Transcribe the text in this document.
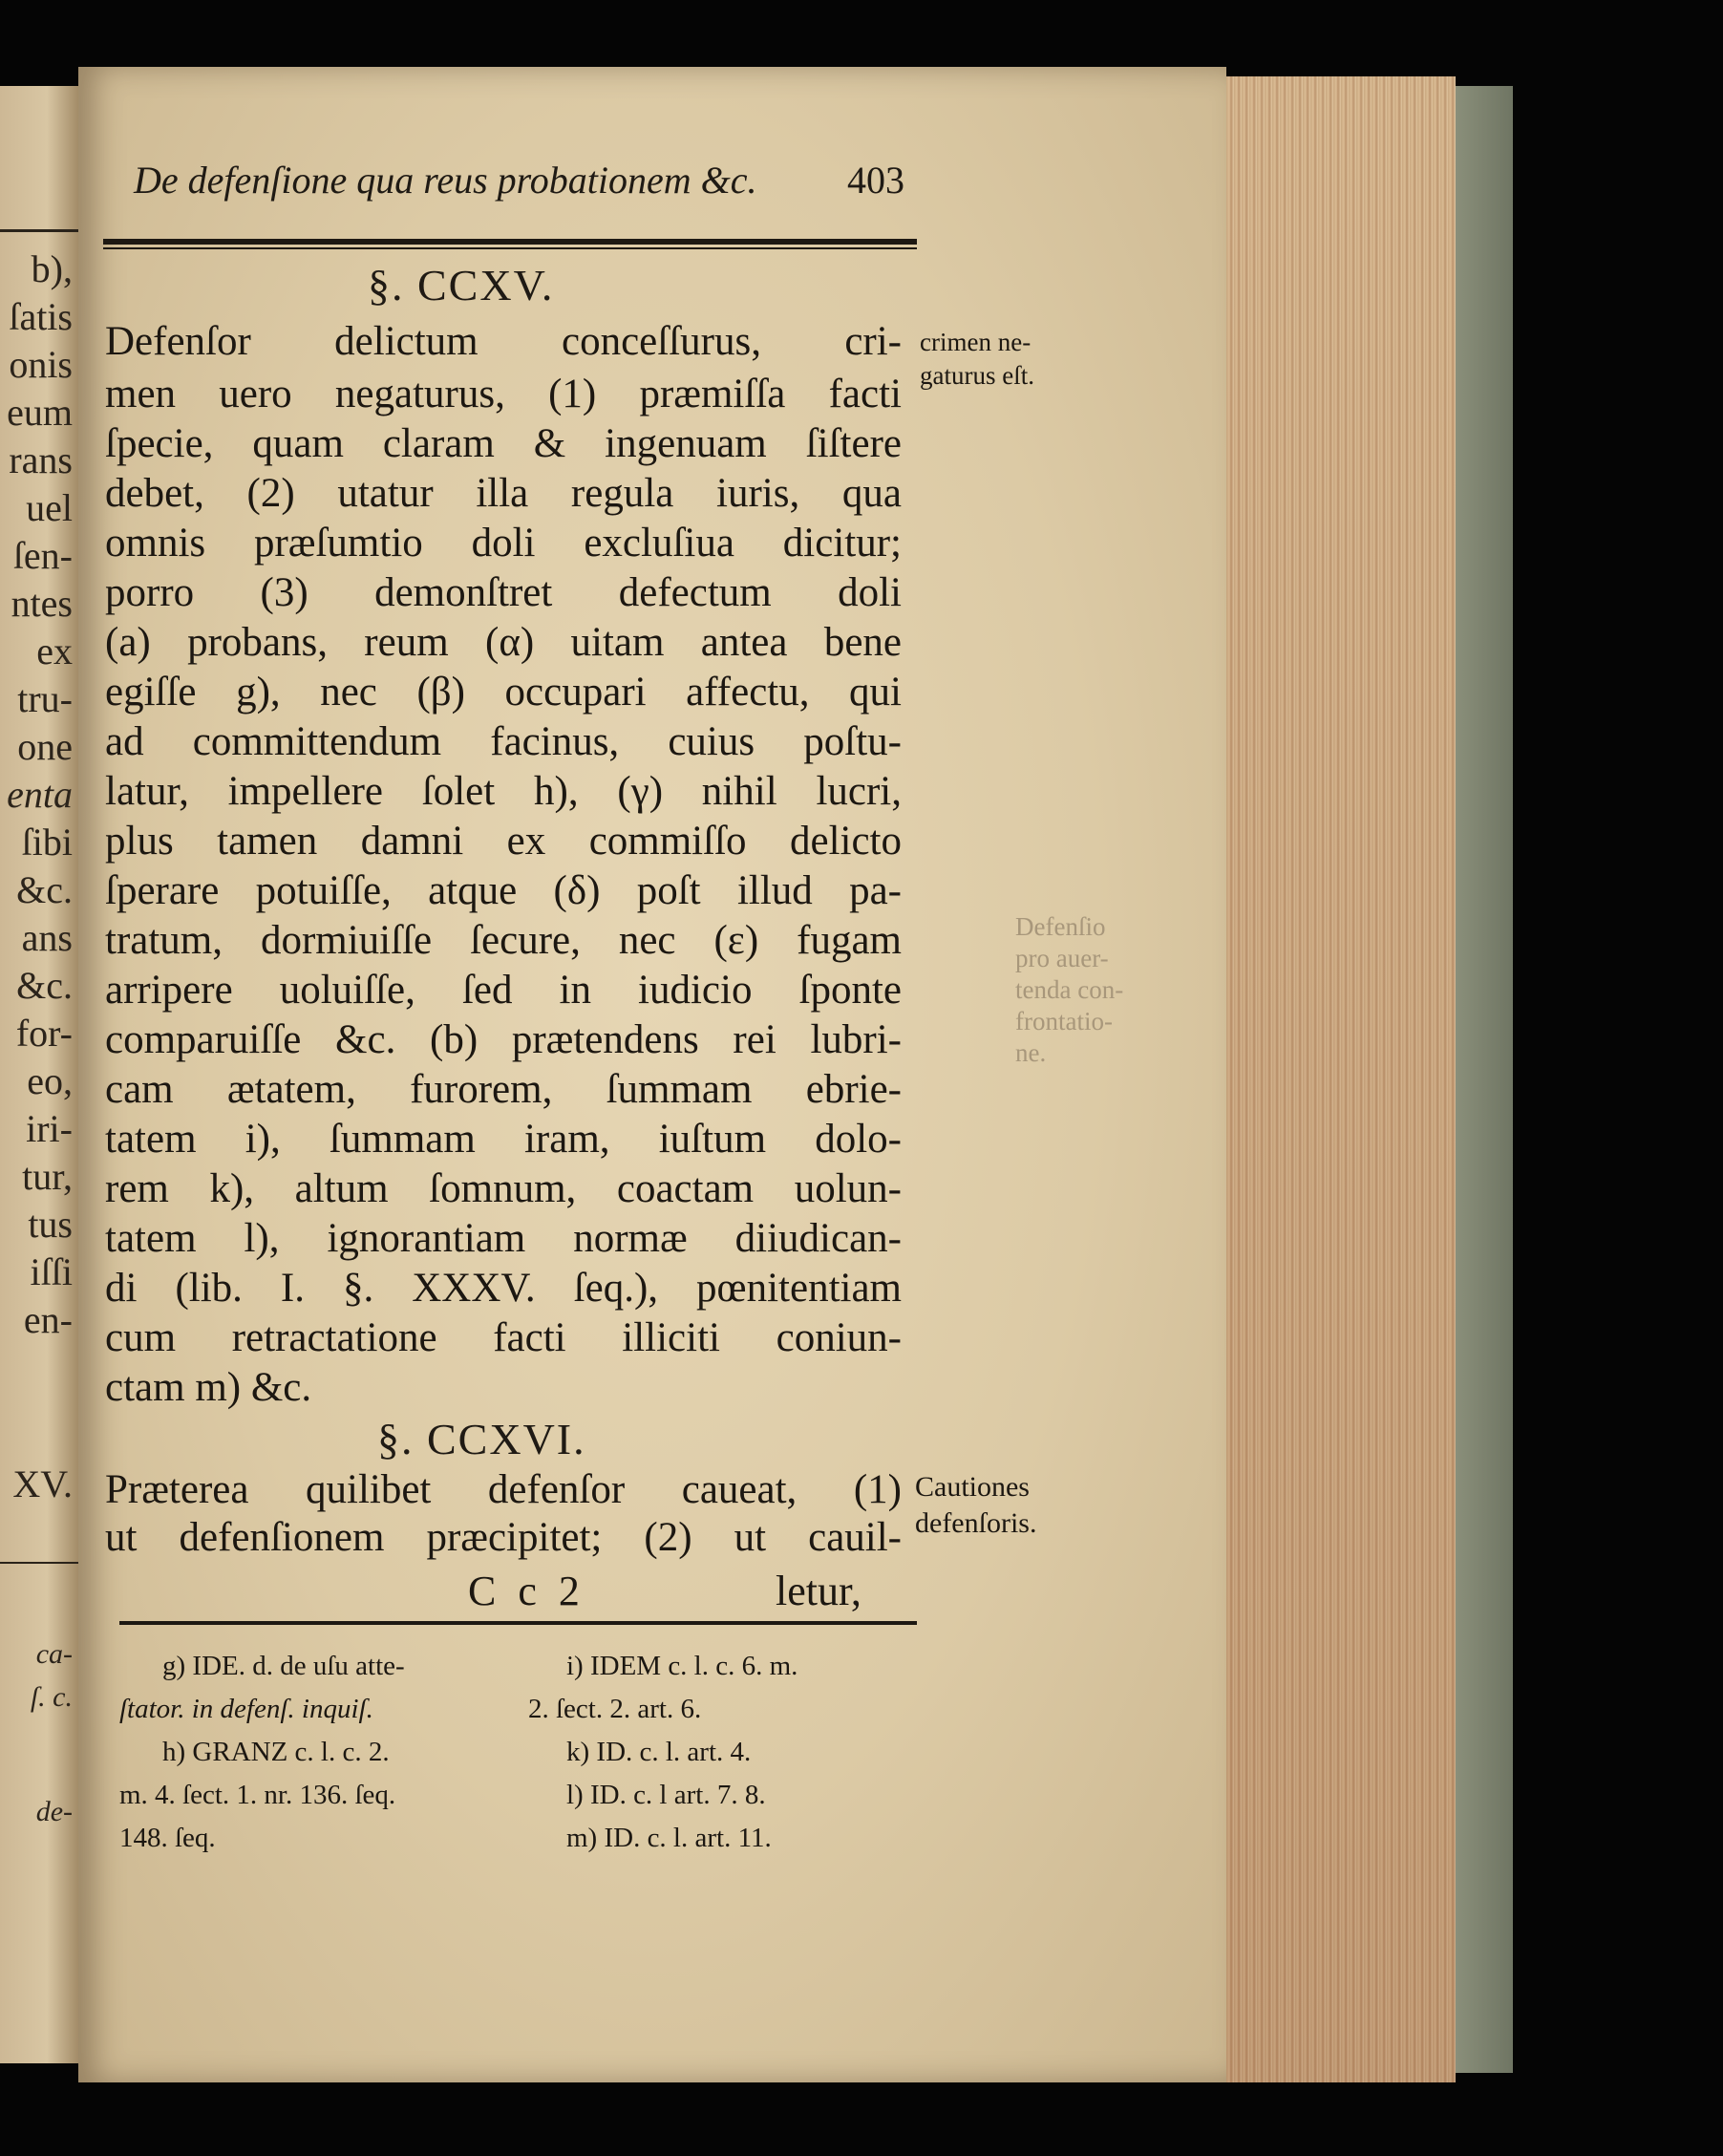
b),
ſatis
onis
eum
rans
uel
ſen-
ntes
ex
tru-
one
enta
ſibi
&c.
ans
&c.
for-
eo,
iri-
tur,
tus
iſſi
en-
XV.
ca-
ſ. c.
de-
De defenſione qua reus probationem &c.	403
§. CCXV.
Defenſor delictum conceſſurus, cri-
men uero negaturus, (1) præmiſſa facti
ſpecie, quam claram & ingenuam ſiſtere
debet, (2) utatur illa regula iuris, qua
omnis præſumtio doli excluſiua dicitur;
porro (3) demonſtret defectum doli
(a) probans, reum (α) uitam antea bene
egiſſe g), nec (β) occupari affectu, qui
ad committendum facinus, cuius poſtu-
latur, impellere ſolet h), (γ) nihil lucri,
plus tamen damni ex commiſſo delicto
ſperare potuiſſe, atque (δ) poſt illud pa-
tratum, dormiuiſſe ſecure, nec (ε) fugam
arripere uoluiſſe, ſed in iudicio ſponte
comparuiſſe &c. (b) prætendens rei lubri-
cam ætatem, furorem, ſummam ebrie-
tatem i), ſummam iram, iuſtum dolo-
rem k), altum ſomnum, coactam uolun-
tatem l), ignorantiam normæ diiudican-
di (lib. I. §. XXXV. ſeq.), pœnitentiam
cum retractatione facti illiciti coniun-
ctam m) &c.
crimen ne-
gaturus eſt.
Defenſio
pro auer-
tenda con-
frontatio-
ne.
§. CCXVI.
Præterea quilibet defenſor caueat, (1)
ut defenſionem præcipitet; (2) ut cauil-
Cautiones
defenſoris.
C c 2	letur,
g) IDE. d. de uſu atte-
ſtator. in defenſ. inquiſ.
h) GRANZ c. l. c. 2.
m. 4. ſect. 1. nr. 136. ſeq.
148. ſeq.
i) IDEM c. l. c. 6. m.
2. ſect. 2. art. 6.
k) ID. c. l. art. 4.
l) ID. c. l art. 7. 8.
m) ID. c. l. art. 11.
